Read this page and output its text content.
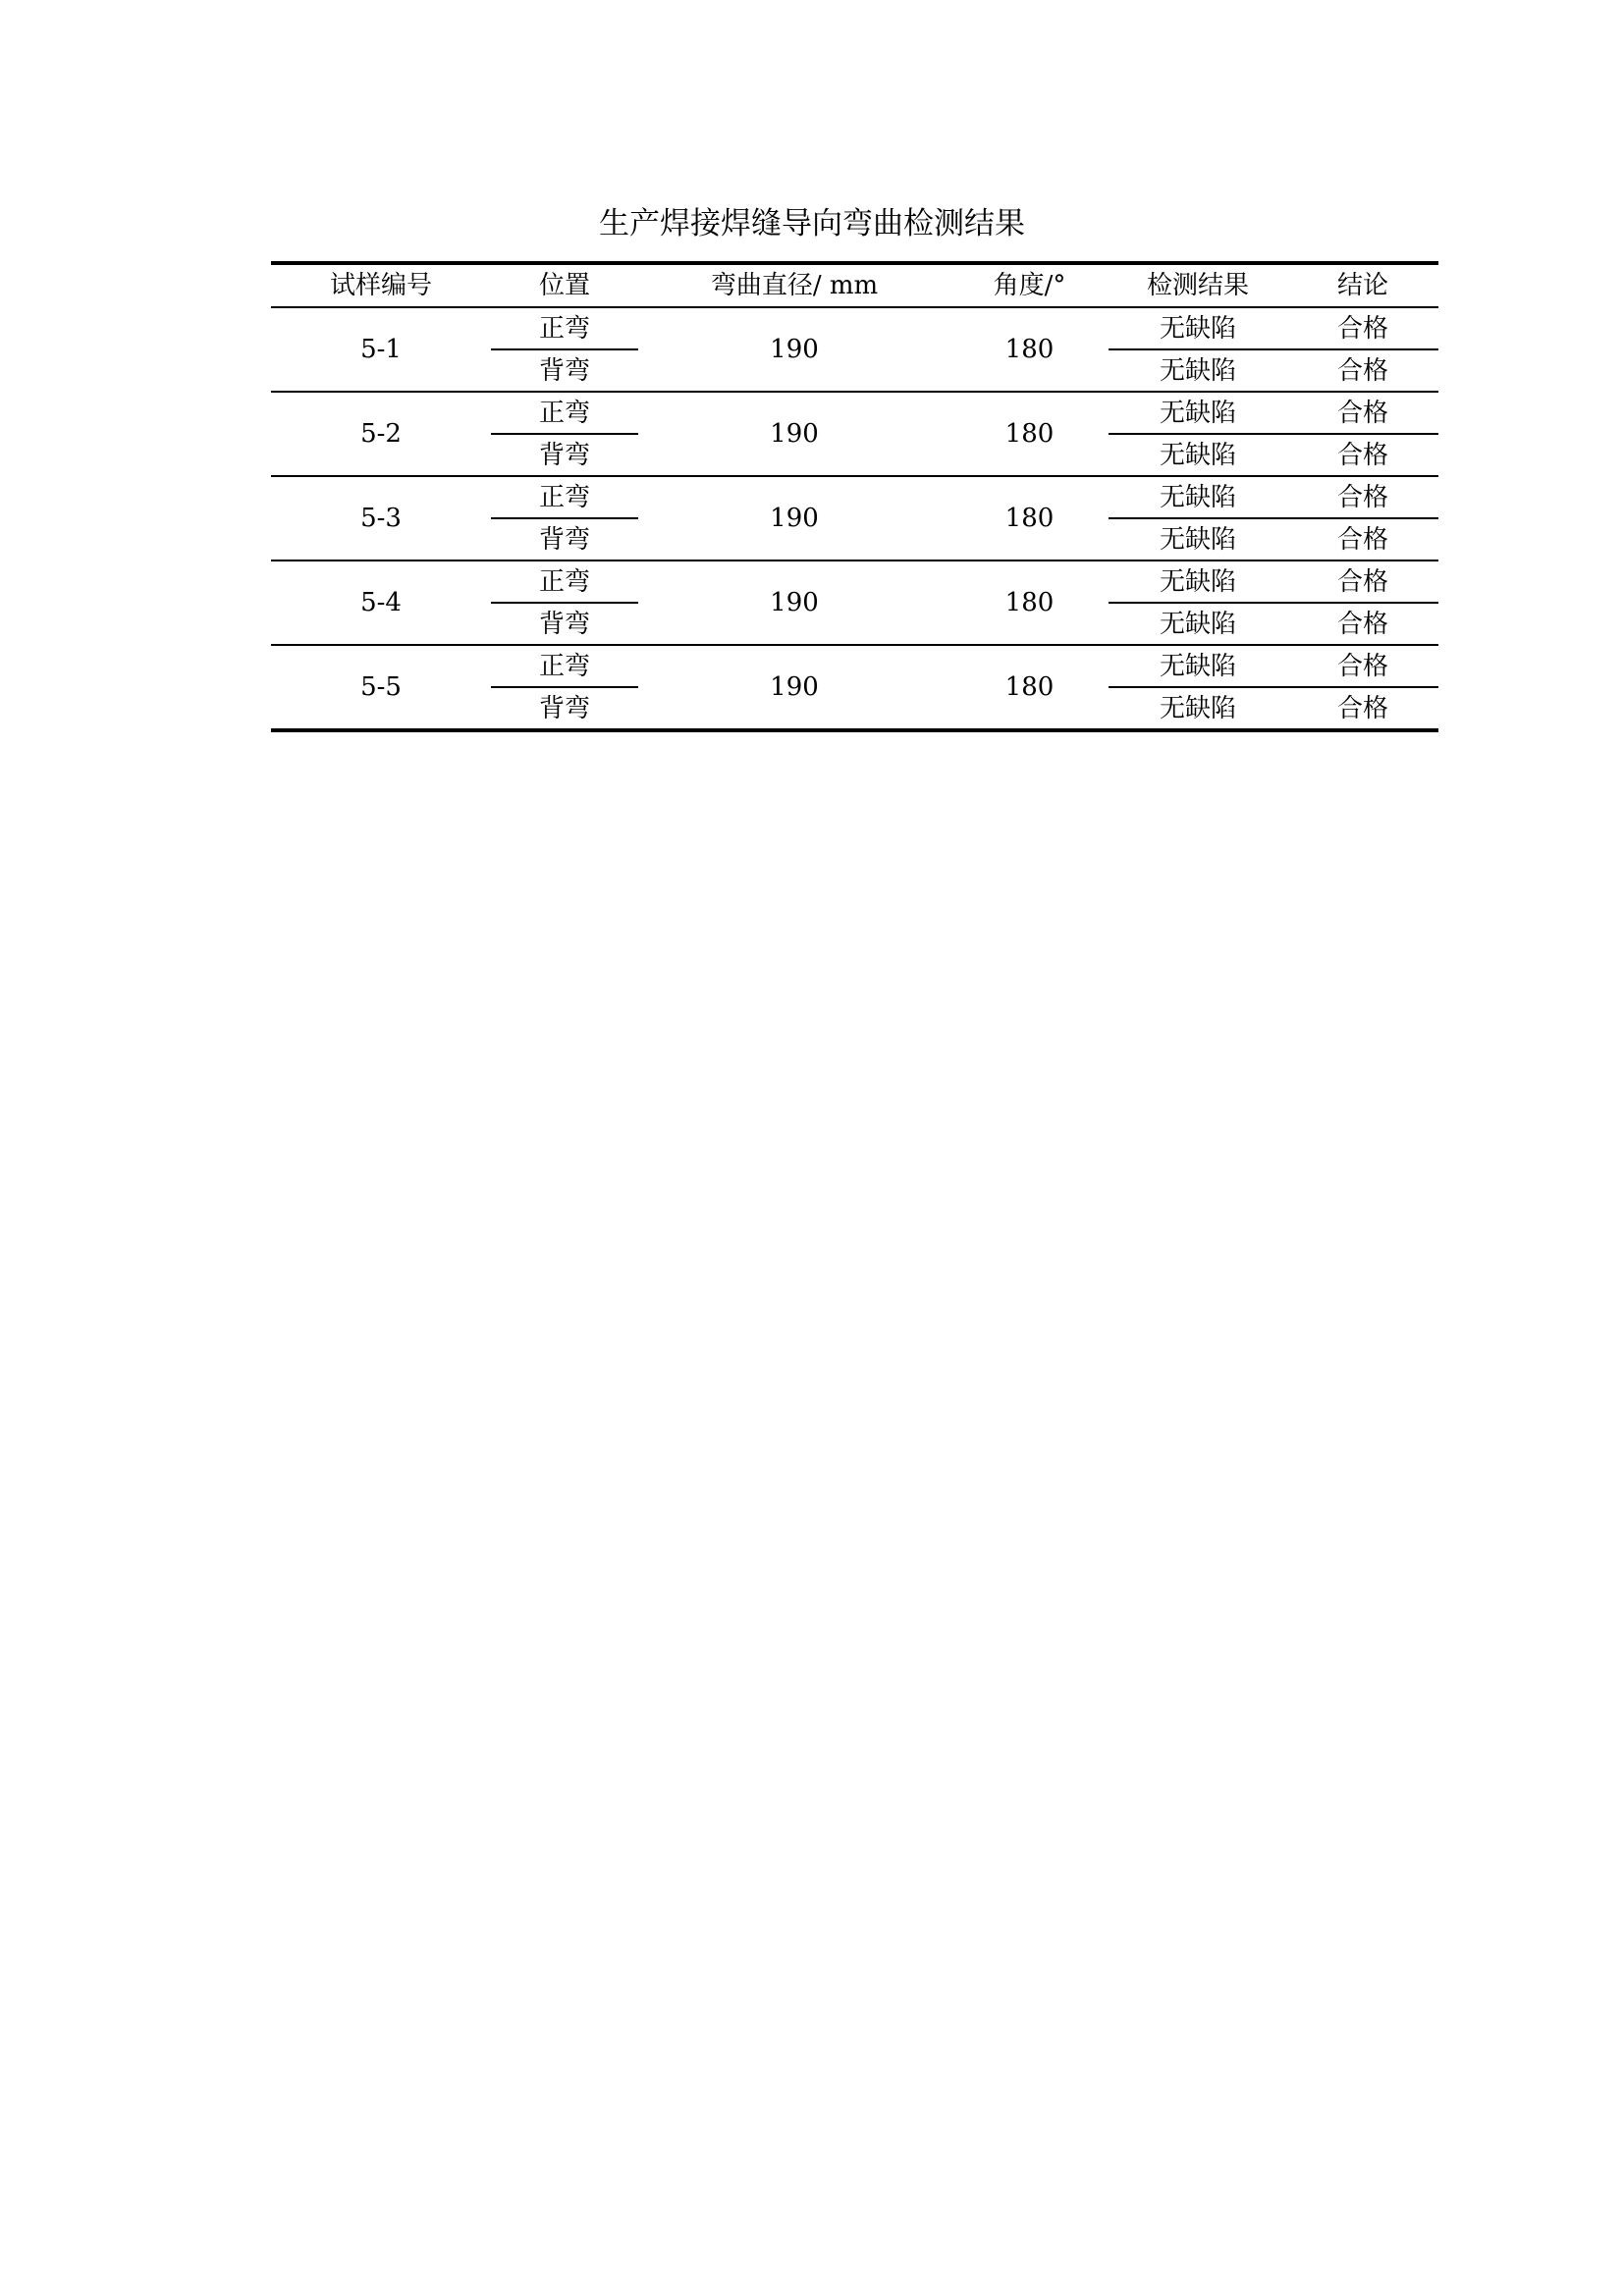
生产焊接焊缝导向弯曲检测结果
试样编号	位置	弯曲直径/ mm	角度/°	检测结果	结论
5-1	正弯	190	180	无缺陷	合格
	背弯			无缺陷	合格
5-2	正弯	190	180	无缺陷	合格
	背弯			无缺陷	合格
5-3	正弯	190	180	无缺陷	合格
	背弯			无缺陷	合格
5-4	正弯	190	180	无缺陷	合格
	背弯			无缺陷	合格
5-5	正弯	190	180	无缺陷	合格
	背弯			无缺陷	合格
